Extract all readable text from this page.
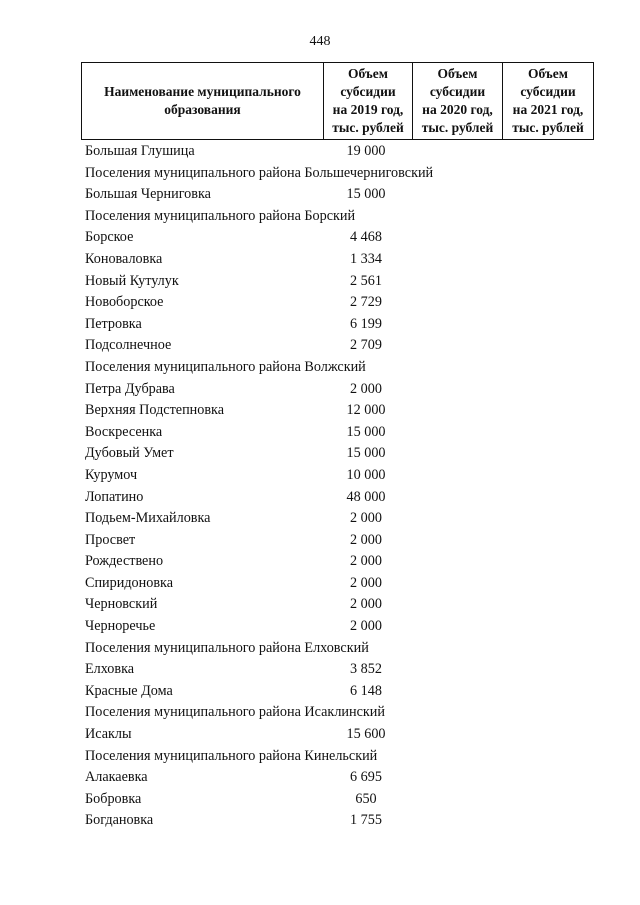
448
Наименование муниципального
образования	Объем
субсидии
на 2019 год,
тыс. рублей	Объем
субсидии
на 2020 год,
тыс. рублей	Объем
субсидии
на 2021 год,
тыс. рублей
Большая Глушица	19 000
Поселения муниципального района Большечерниговский
Большая Черниговка	15 000
Поселения муниципального района Борский
Борское	4 468
Коноваловка	1 334
Новый Кутулук	2 561
Новоборское	2 729
Петровка	6 199
Подсолнечное	2 709
Поселения муниципального района Волжский
Петра Дубрава	2 000
Верхняя Подстепновка	12 000
Воскресенка	15 000
Дубовый Умет	15 000
Курумоч	10 000
Лопатино	48 000
Подьем-Михайловка	2 000
Просвет	2 000
Рождествено	2 000
Спиридоновка	2 000
Черновский	2 000
Черноречье	2 000
Поселения муниципального района Елховский
Елховка	3 852
Красные Дома	6 148
Поселения муниципального района Исаклинский
Исаклы	15 600
Поселения муниципального района Кинельский
Алакаевка	6 695
Бобровка	650
Богдановка	1 755
